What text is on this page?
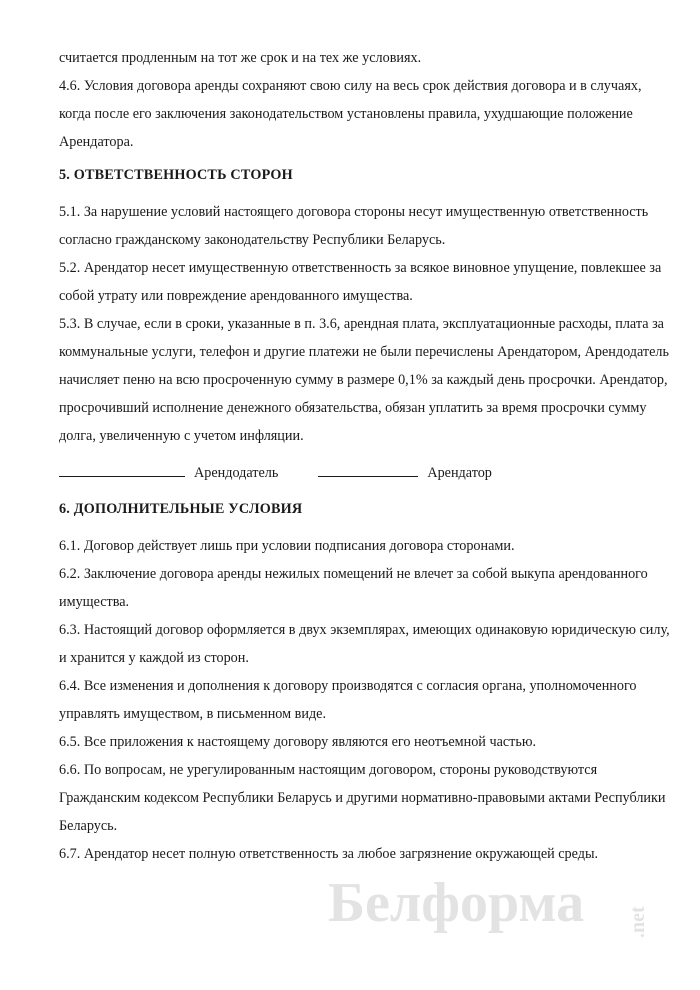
считается продленным на тот же срок и на тех же условиях.

4.6. Условия договора аренды сохраняют свою силу на весь срок действия договора и в случаях,

когда после его заключения законодательством установлены правила, ухудшающие положение

Арендатора.

5. ОТВЕТСТВЕННОСТЬ СТОРОН

5.1. За нарушение условий настоящего договора стороны несут имущественную ответственность

согласно гражданскому законодательству Республики Беларусь.

5.2. Арендатор несет имущественную ответственность за всякое виновное упущение, повлекшее за

собой утрату или повреждение арендованного имущества.

5.3. В случае, если в сроки, указанные в п. 3.6, арендная плата, эксплуатационные расходы, плата за

коммунальные услуги, телефон и другие платежи не были перечислены Арендатором, Арендодатель

начисляет пеню на всю просроченную сумму в размере 0,1% за каждый день просрочки. Арендатор,

просрочивший исполнение денежного обязательства, обязан уплатить за время просрочки сумму

долга, увеличенную с учетом инфляции.

Арендодатель	Арендатор

6. ДОПОЛНИТЕЛЬНЫЕ УСЛОВИЯ

6.1. Договор действует лишь при условии подписания договора сторонами.

6.2. Заключение договора аренды нежилых помещений не влечет за собой выкупа арендованного

имущества.

6.3. Настоящий договор оформляется в двух экземплярах, имеющих одинаковую юридическую силу,

и хранится у каждой из сторон.

6.4. Все изменения и дополнения к договору производятся с согласия органа, уполномоченного

управлять имуществом, в письменном виде.

6.5. Все приложения к настоящему договору являются его неотъемной частью.

6.6. По вопросам, не урегулированным настоящим договором, стороны руководствуются

Гражданским кодексом Республики Беларусь и другими нормативно-правовыми актами Республики

Беларусь.

6.7. Арендатор несет полную ответственность за любое загрязнение окружающей среды.

Белформа .net
